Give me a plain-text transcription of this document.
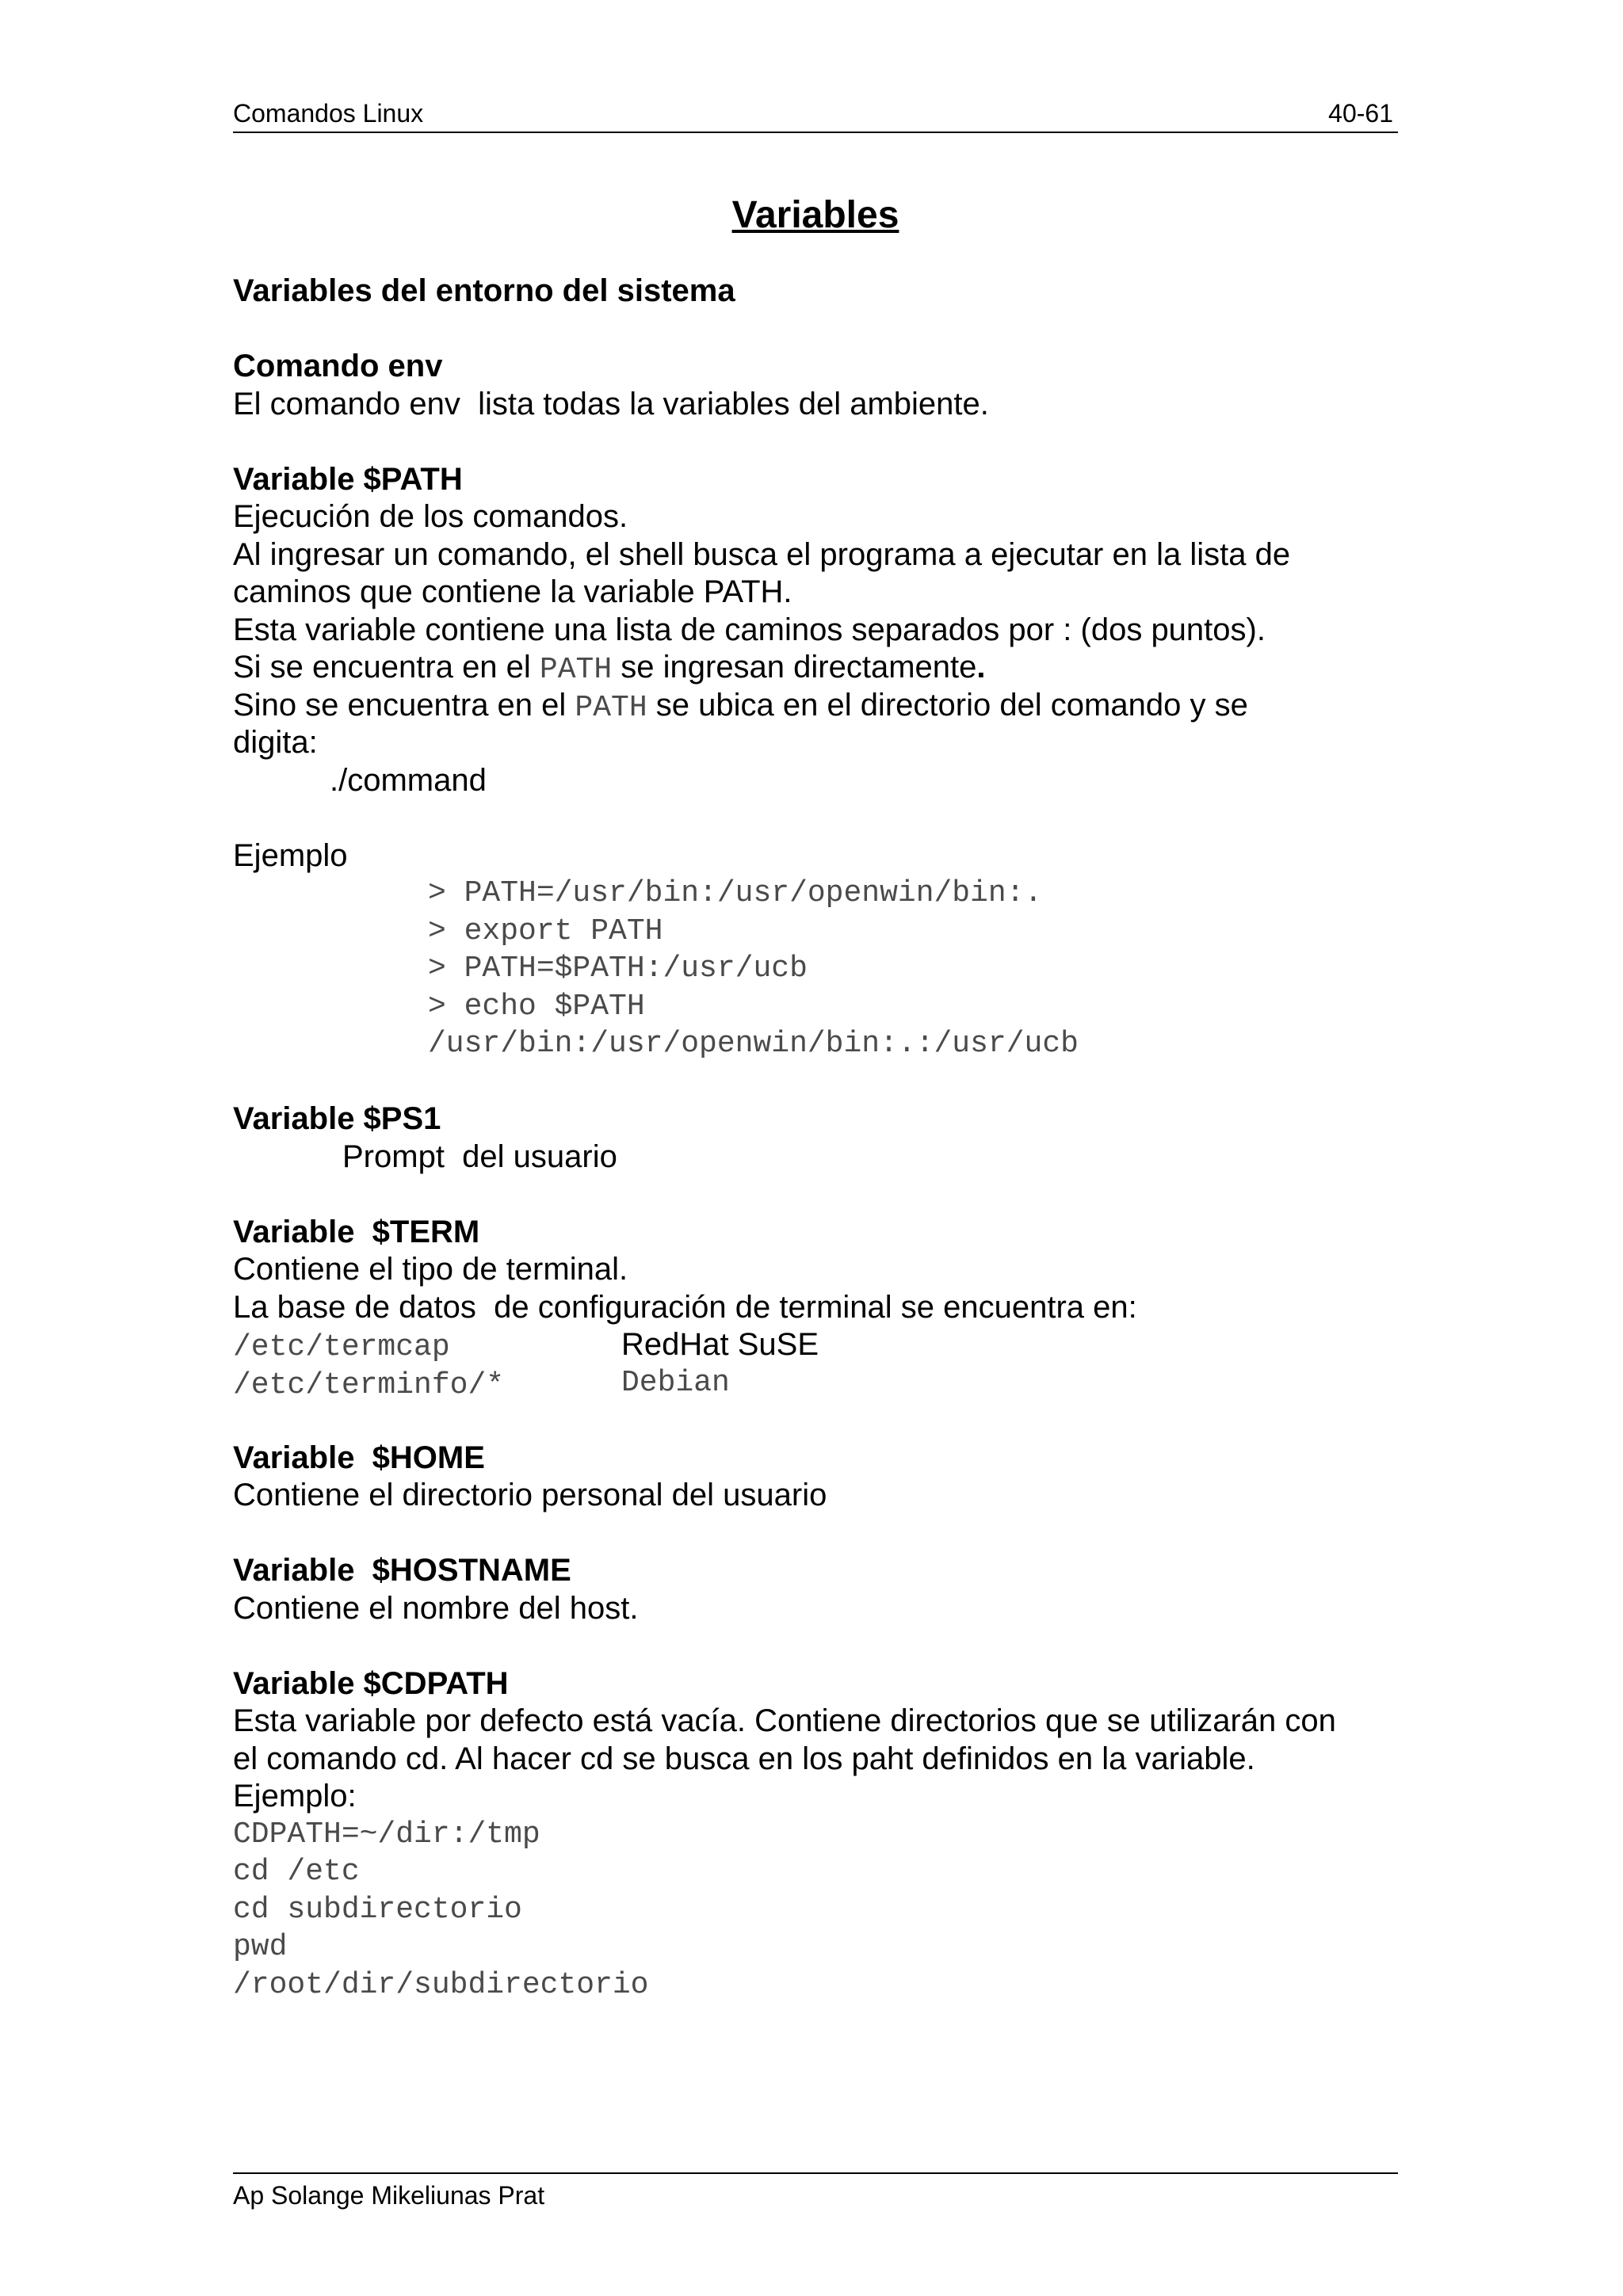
Comandos Linux	40-61
Variables
Variables del entorno del sistema
Comando env
El comando env  lista todas la variables del ambiente.
Variable $PATH
Ejecución de los comandos.
Al ingresar un comando, el shell busca el programa a ejecutar en la lista de
caminos que contiene la variable PATH.
Esta variable contiene una lista de caminos separados por : (dos puntos).
Si se encuentra en el PATH se ingresan directamente.
Sino se encuentra en el PATH se ubica en el directorio del comando y se
digita:
./command
Ejemplo
> PATH=/usr/bin:/usr/openwin/bin:.
> export PATH
> PATH=$PATH:/usr/ucb
> echo $PATH
/usr/bin:/usr/openwin/bin:.:/usr/ucb
Variable $PS1
Prompt  del usuario
Variable  $TERM
Contiene el tipo de terminal.
La base de datos  de configuración de terminal se encuentra en:
/etc/termcap	RedHat SuSE
/etc/terminfo/*	Debian
Variable  $HOME
Contiene el directorio personal del usuario
Variable  $HOSTNAME
Contiene el nombre del host.
Variable $CDPATH
Esta variable por defecto está vacía. Contiene directorios que se utilizarán con
el comando cd. Al hacer cd se busca en los paht definidos en la variable.
Ejemplo:
CDPATH=~/dir:/tmp
cd /etc
cd subdirectorio
pwd
/root/dir/subdirectorio
Ap Solange Mikeliunas Prat
